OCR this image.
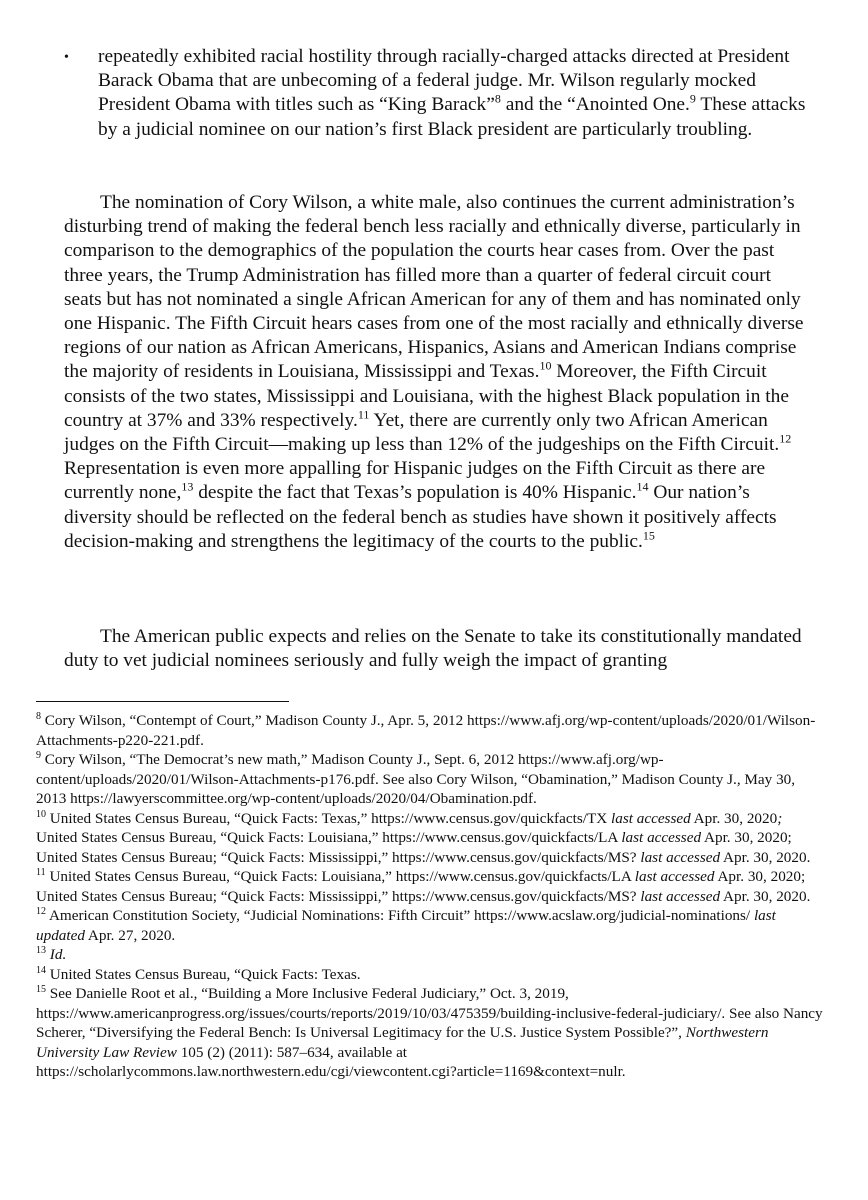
•	repeatedly exhibited racial hostility through racially-charged attacks directed at President Barack Obama that are unbecoming of a federal judge. Mr. Wilson regularly mocked President Obama with titles such as “King Barack”$^8$ and the “Anointed One.$^9$ These attacks by a judicial nominee on our nation’s first Black president are particularly troubling.
The nomination of Cory Wilson, a white male, also continues the current administration’s disturbing trend of making the federal bench less racially and ethnically diverse, particularly in comparison to the demographics of the population the courts hear cases from. Over the past three years, the Trump Administration has filled more than a quarter of federal circuit court seats but has not nominated a single African American for any of them and has nominated only one Hispanic. The Fifth Circuit hears cases from one of the most racially and ethnically diverse regions of our nation as African Americans, Hispanics, Asians and American Indians comprise the majority of residents in Louisiana, Mississippi and Texas.$^{10}$ Moreover, the Fifth Circuit consists of the two states, Mississippi and Louisiana, with the highest Black population in the country at 37% and 33% respectively.$^{11}$ Yet, there are currently only two African American judges on the Fifth Circuit—making up less than 12% of the judgeships on the Fifth Circuit.$^{12}$ Representation is even more appalling for Hispanic judges on the Fifth Circuit as there are currently none,$^{13}$ despite the fact that Texas’s population is 40% Hispanic.$^{14}$ Our nation’s diversity should be reflected on the federal bench as studies have shown it positively affects decision-making and strengthens the legitimacy of the courts to the public.$^{15}$
The American public expects and relies on the Senate to take its constitutionally mandated duty to vet judicial nominees seriously and fully weigh the impact of granting

$^8$ Cory Wilson, “Contempt of Court,” Madison County J., Apr. 5, 2012 https://www.afj.org/wp-content/uploads/2020/01/Wilson-Attachments-p220-221.pdf.

$^9$ Cory Wilson, “The Democrat’s new math,” Madison County J., Sept. 6, 2012 https://www.afj.org/wp-content/uploads/2020/01/Wilson-Attachments-p176.pdf. See also Cory Wilson, “Obamination,” Madison County J., May 30, 2013 https://lawyerscommittee.org/wp-content/uploads/2020/04/Obamination.pdf.

$^{10}$ United States Census Bureau, “Quick Facts: Texas,” https://www.census.gov/quickfacts/TX last accessed Apr. 30, 2020; United States Census Bureau, “Quick Facts: Louisiana,” https://www.census.gov/quickfacts/LA last accessed Apr. 30, 2020; United States Census Bureau; “Quick Facts: Mississippi,” https://www.census.gov/quickfacts/MS? last accessed Apr. 30, 2020.

$^{11}$ United States Census Bureau, “Quick Facts: Louisiana,” https://www.census.gov/quickfacts/LA last accessed Apr. 30, 2020; United States Census Bureau; “Quick Facts: Mississippi,” https://www.census.gov/quickfacts/MS? last accessed Apr. 30, 2020.

$^{12}$ American Constitution Society, “Judicial Nominations: Fifth Circuit” https://www.acslaw.org/judicial-nominations/ last updated Apr. 27, 2020.

$^{13}$ Id.

$^{14}$ United States Census Bureau, “Quick Facts: Texas.

$^{15}$ See Danielle Root et al., “Building a More Inclusive Federal Judiciary,” Oct. 3, 2019, https://www.americanprogress.org/issues/courts/reports/2019/10/03/475359/building-inclusive-federal-judiciary/. See also Nancy Scherer, “Diversifying the Federal Bench: Is Universal Legitimacy for the U.S. Justice System Possible?”, Northwestern University Law Review 105 (2) (2011): 587–634, available at https://scholarlycommons.law.northwestern.edu/cgi/viewcontent.cgi?article=1169&context=nulr.
